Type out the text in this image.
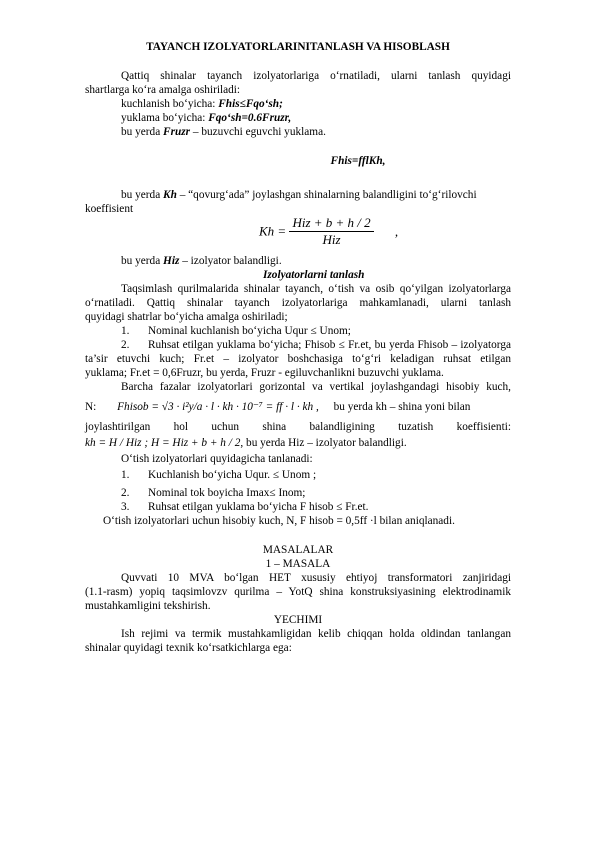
TAYANCH IZOLYATORLARINITANLASH VA HISOBLASH
Qattiq shinalar tayanch izolyatorlariga o‘rnatiladi, ularni tanlash quyidagi
shartlarga ko‘ra amalga oshiriladi:
kuchlanish bo‘yicha: Fhis≤Fqo‘sh;
yuklama bo‘yicha: Fqo‘sh=0.6Fruzr,
bu yerda Fruzr – buzuvchi eguvchi yuklama.
Fhis=fflKh,
bu yerda Kh – “qovurg‘ada” joylashgan shinalarning balandligini to‘g‘rilovchi
koeffisient
$Kh = \frac{\text{Hiz + b + h / 2}}{\text{Hiz}}$ ,
bu yerda Hiz – izolyator balandligi.
Izolyatorlarni tanlash
Taqsimlash qurilmalarida shinalar tayanch, o‘tish va osib qo‘yilgan izolyatorlarga
o‘rnatiladi. Qattiq shinalar tayanch izolyatorlariga mahkamlanadi, ularni tanlash
quyidagi shatrlar bo‘yicha amalga oshiriladi;
1. Nominal kuchlanish bo‘yicha Uqur ≤ Unom;
2. Ruhsat etilgan yuklama bo‘yicha; Fhisob ≤ Fr.et, bu yerda Fhisob – izolyatorga
ta’sir etuvchi kuch; Fr.et – izolyator boshchasiga to‘g‘ri keladigan ruhsat etilgan
yuklama; Fr.et = 0,6Fruzr, bu yerda, Fruzr - egiluvchanlikni buzuvchi yuklama.
Barcha fazalar izolyatorlari gorizontal va vertikal joylashgandagi hisobiy kuch,
N: Fhisob = √3 · i²y/a · l · kh · 10⁻⁷ = ff · l · kh , bu yerda kh – shina yoni bilan
joylashtirilgan hol uchun shina balandligining tuzatish koeffisienti:
kh = H / Hiz ; H = Hiz + b + h / 2, bu yerda Hiz – izolyator balandligi.
O‘tish izolyatorlari quyidagicha tanlanadi:
1. Kuchlanish bo‘yicha Uqur. ≤ Unom ;
2. Nominal tok boyicha Imax≤ Inom;
3. Ruhsat etilgan yuklama bo‘yicha F hisob ≤ Fr.et.
O‘tish izolyatorlari uchun hisobiy kuch, N, F hisob = 0,5ff ·l bilan aniqlanadi.
MASALALAR
1 – MASALA
Quvvati 10 MVA bo‘lgan HET xususiy ehtiyoj transformatori zanjiridagi
(1.1-rasm) yopiq taqsimlovzv qurilma – YotQ shina konstruksiyasining elektrodinamik
mustahkamligini tekshirish.
YECHIMI
Ish rejimi va termik mustahkamligidan kelib chiqqan holda oldindan tanlangan
shinalar quyidagi texnik ko‘rsatkichlarga ega:
